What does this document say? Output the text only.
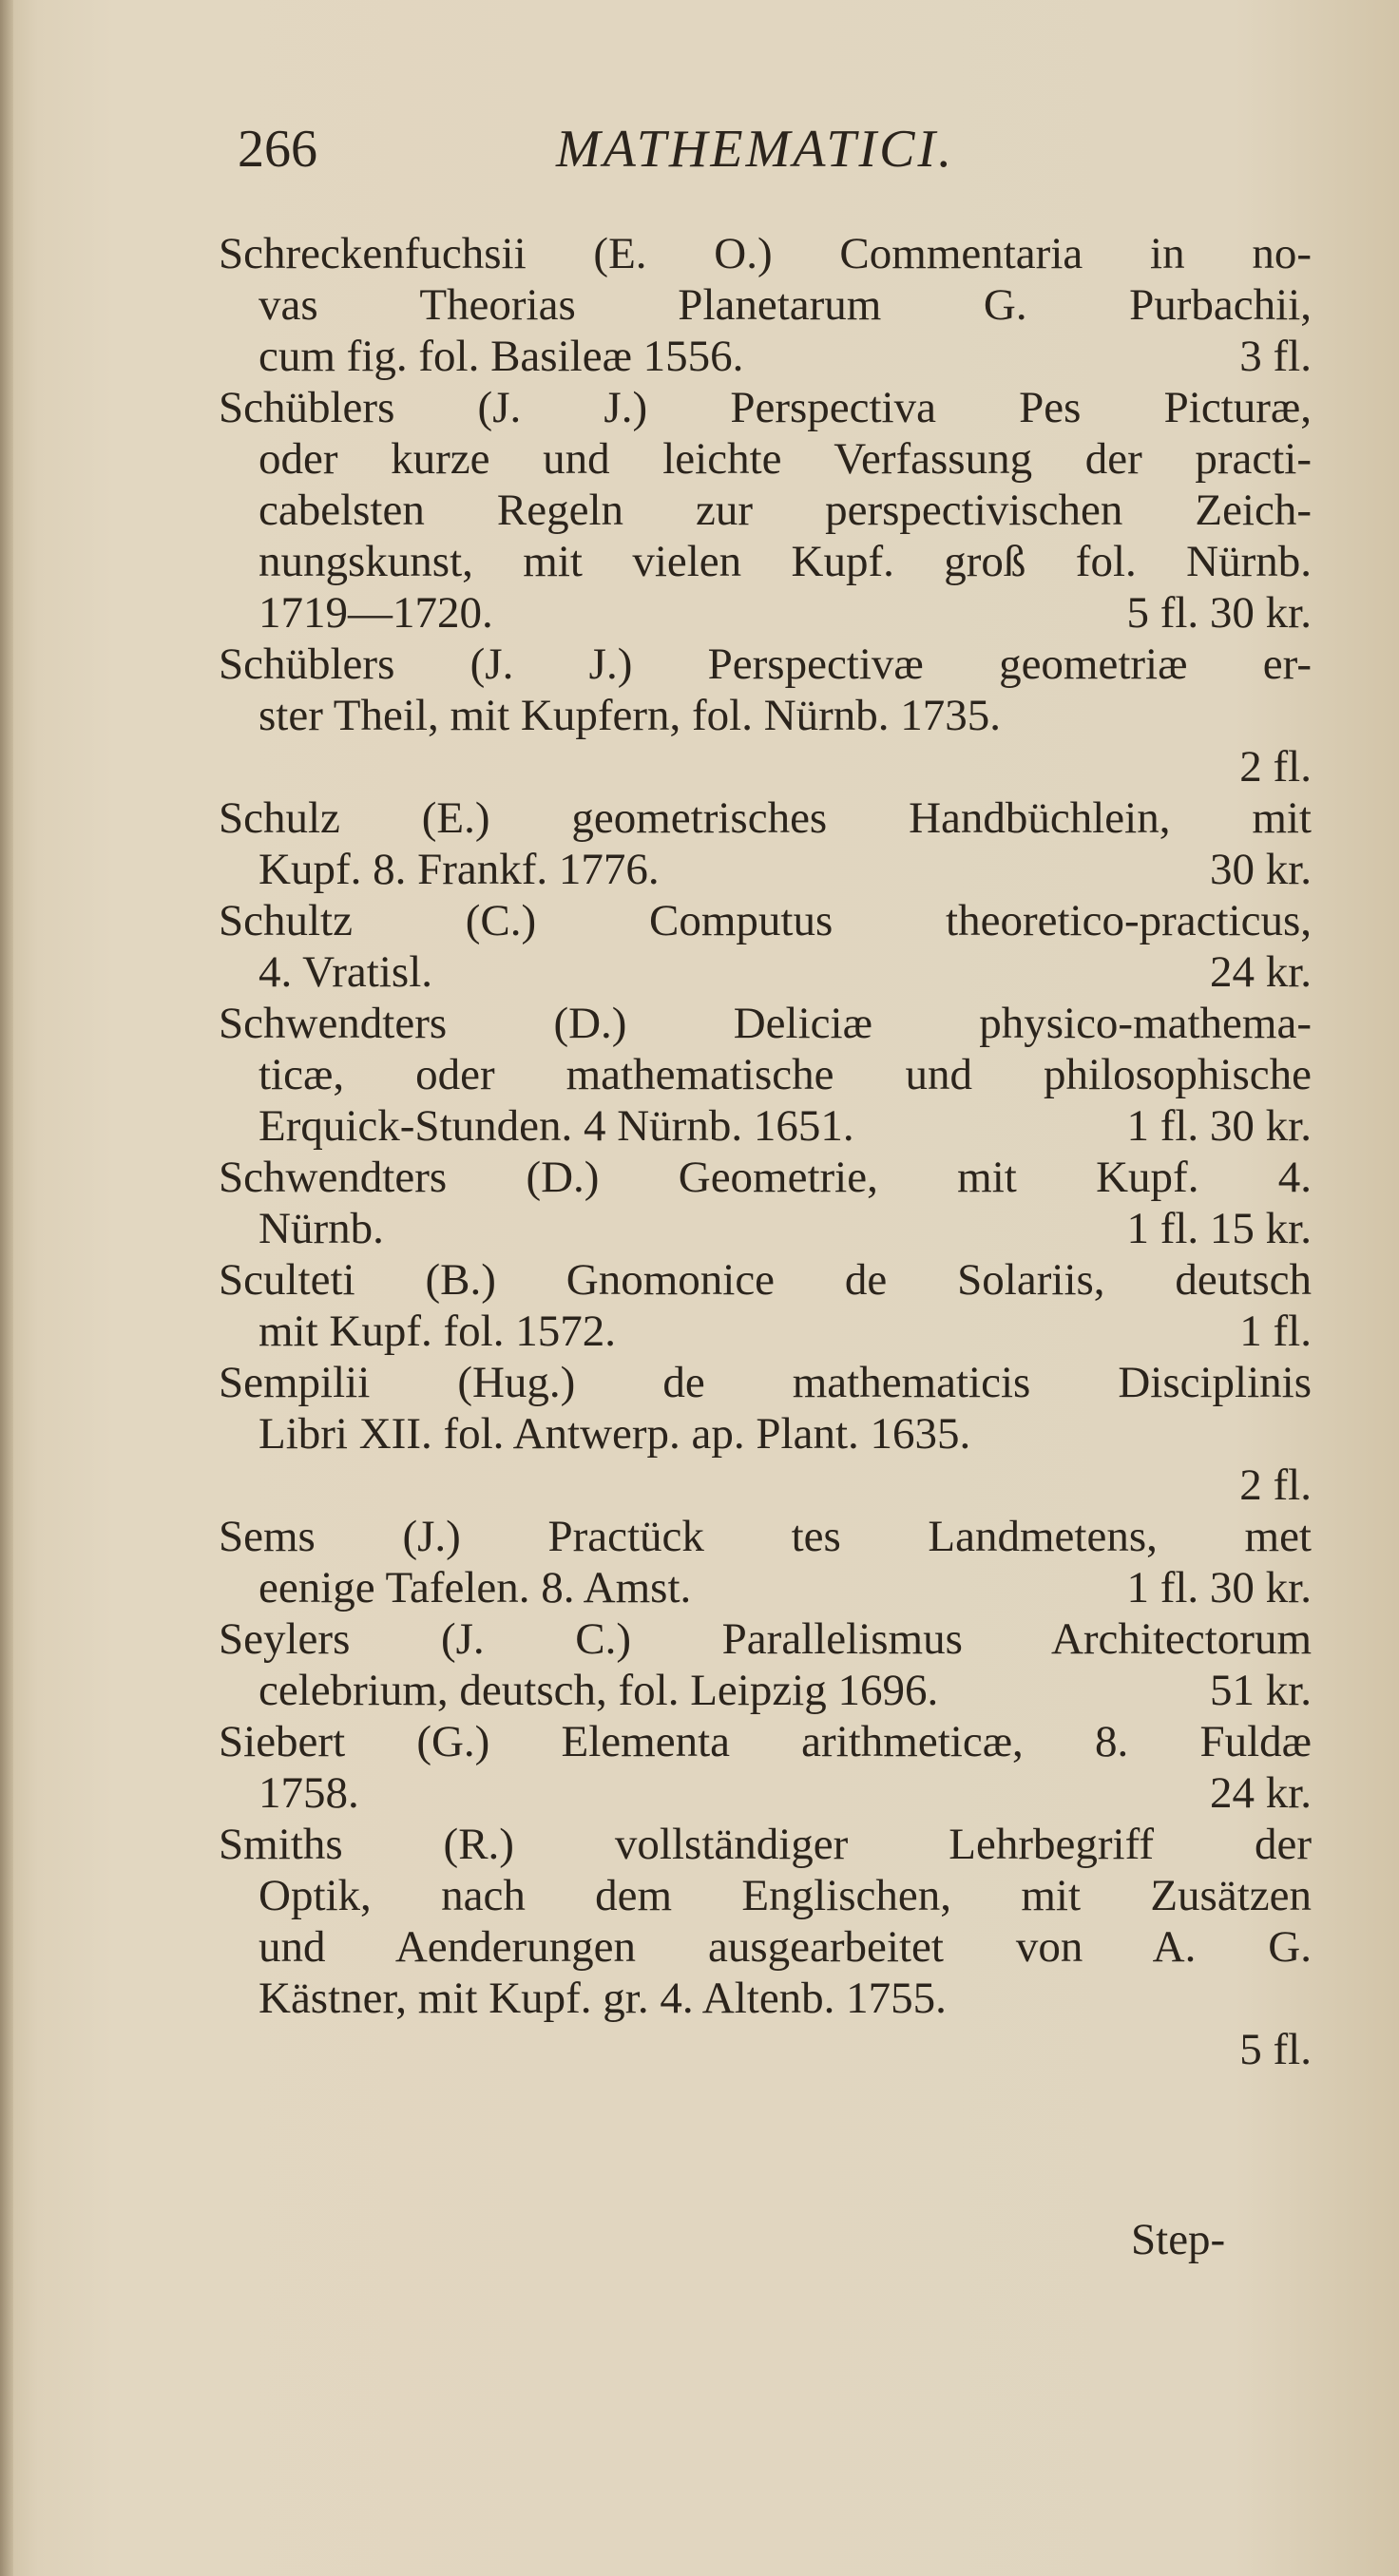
266	MATHEMATICI.
Schreckenfuchsii (E. O.) Commentaria in no-
vas Theorias Planetarum G. Purbachii,
cum fig. fol. Basileæ 1556.	3 fl.
Schüblers (J. J.) Perspectiva Pes Picturæ,
oder kurze und leichte Verfassung der practi-
cabelsten Regeln zur perspectivischen Zeich-
nungskunst, mit vielen Kupf. groß fol. Nürnb.
1719—1720.	5 fl. 30 kr.
Schüblers (J. J.) Perspectivæ geometriæ er-
ster Theil, mit Kupfern, fol. Nürnb. 1735.
2 fl.
Schulz (E.) geometrisches Handbüchlein, mit
Kupf. 8. Frankf. 1776.	30 kr.
Schultz (C.) Computus theoretico-practicus,
4. Vratisl.	24 kr.
Schwendters (D.) Deliciæ physico-mathema-
ticæ, oder mathematische und philosophische
Erquick-Stunden. 4 Nürnb. 1651.	1 fl. 30 kr.
Schwendters (D.) Geometrie, mit Kupf. 4.
Nürnb.	1 fl. 15 kr.
Sculteti (B.) Gnomonice de Solariis, deutsch
mit Kupf. fol. 1572.	1 fl.
Sempilii (Hug.) de mathematicis Disciplinis
Libri XII. fol. Antwerp. ap. Plant. 1635.
2 fl.
Sems (J.) Practück tes Landmetens, met
eenige Tafelen. 8. Amst.	1 fl. 30 kr.
Seylers (J. C.) Parallelismus Architectorum
celebrium, deutsch, fol. Leipzig 1696.	51 kr.
Siebert (G.) Elementa arithmeticæ, 8. Fuldæ
1758.	24 kr.
Smiths (R.) vollständiger Lehrbegriff der
Optik, nach dem Englischen, mit Zusätzen
und Aenderungen ausgearbeitet von A. G.
Kästner, mit Kupf. gr. 4. Altenb. 1755.
5 fl.
Step-
